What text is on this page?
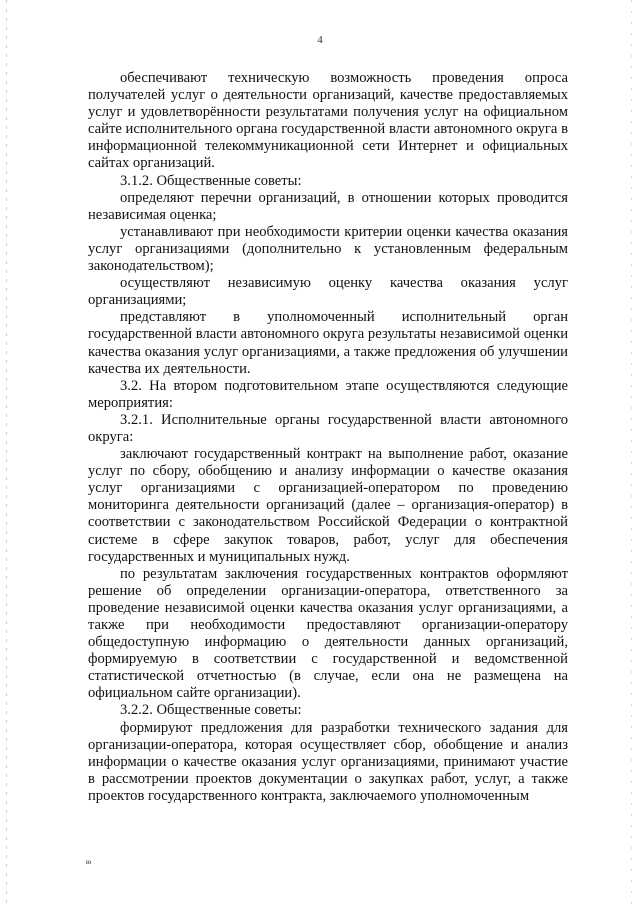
4

обеспечивают техническую возможность проведения опроса получателей услуг о деятельности организаций, качестве предоставляемых услуг и удовлетворённости результатами получения услуг на официальном сайте исполнительного органа государственной власти автономного округа в информационной телекоммуникационной сети Интернет и официальных сайтах организаций.

3.1.2. Общественные советы:

определяют перечни организаций, в отношении которых проводится независимая оценка;

устанавливают при необходимости критерии оценки качества оказания услуг организациями (дополнительно к установленным федеральным законодательством);

осуществляют независимую оценку качества оказания услуг организациями;

представляют в уполномоченный исполнительный орган государственной власти автономного округа результаты независимой оценки качества оказания услуг организациями, а также предложения об улучшении качества их деятельности.

3.2. На втором подготовительном этапе осуществляются следующие мероприятия:

3.2.1. Исполнительные органы государственной власти автономного округа:

заключают государственный контракт на выполнение работ, оказание услуг по сбору, обобщению и анализу информации о качестве оказания услуг организациями с организацией-оператором по проведению мониторинга деятельности организаций (далее – организация-оператор) в соответствии с законодательством Российской Федерации о контрактной системе в сфере закупок товаров, работ, услуг для обеспечения государственных и муниципальных нужд.

по результатам заключения государственных контрактов оформляют решение об определении организации-оператора, ответственного за проведение независимой оценки качества оказания услуг организациями, а также при необходимости предоставляют организации-оператору общедоступную информацию о деятельности данных организаций, формируемую в соответствии с государственной и ведомственной статистической отчетностью (в случае, если она не размещена на официальном сайте организации).

3.2.2. Общественные советы:

формируют предложения для разработки технического задания для организации-оператора, которая осуществляет сбор, обобщение и анализ информации о качестве оказания услуг организациями, принимают участие в рассмотрении проектов документации о закупках работ, услуг, а также проектов государственного контракта, заключаемого уполномоченным

ю
